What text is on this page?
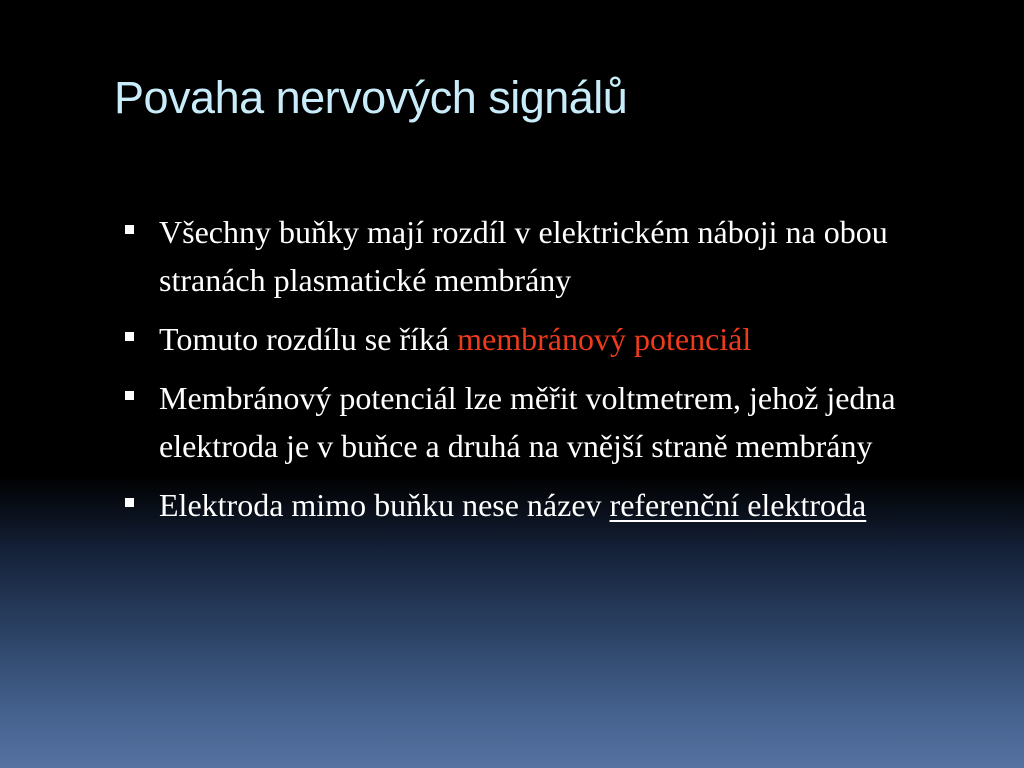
Povaha nervových signálů
Všechny buňky mají rozdíl v elektrickém náboji na obou stranách plasmatické membrány
Tomuto rozdílu se říká membránový potenciál
Membránový potenciál lze měřit voltmetrem, jehož jedna elektroda je v buňce a druhá na vnější straně membrány
Elektroda mimo buňku nese název referenční elektroda
